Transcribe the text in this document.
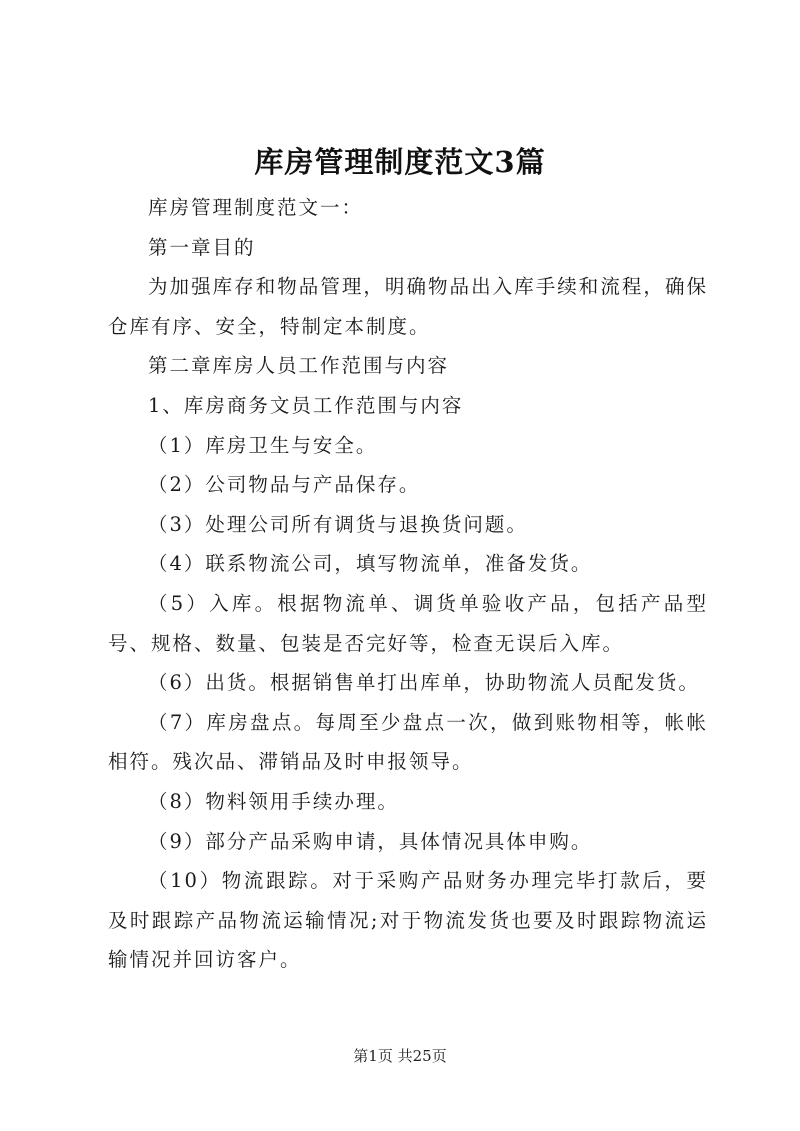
库房管理制度范文3篇

库房管理制度范文一：

第一章目的

为加强库存和物品管理，明确物品出入库手续和流程，确保仓库有序、安全，特制定本制度。

第二章库房人员工作范围与内容

1、库房商务文员工作范围与内容

（1）库房卫生与安全。

（2）公司物品与产品保存。

（3）处理公司所有调货与退换货问题。

（4）联系物流公司，填写物流单，准备发货。

（5）入库。根据物流单、调货单验收产品，包括产品型号、规格、数量、包装是否完好等，检查无误后入库。

（6）出货。根据销售单打出库单，协助物流人员配发货。

（7）库房盘点。每周至少盘点一次，做到账物相等，帐帐相符。残次品、滞销品及时申报领导。

（8）物料领用手续办理。

（9）部分产品采购申请，具体情况具体申购。

（10）物流跟踪。对于采购产品财务办理完毕打款后，要及时跟踪产品物流运输情况;对于物流发货也要及时跟踪物流运输情况并回访客户。

第1页 共25页
